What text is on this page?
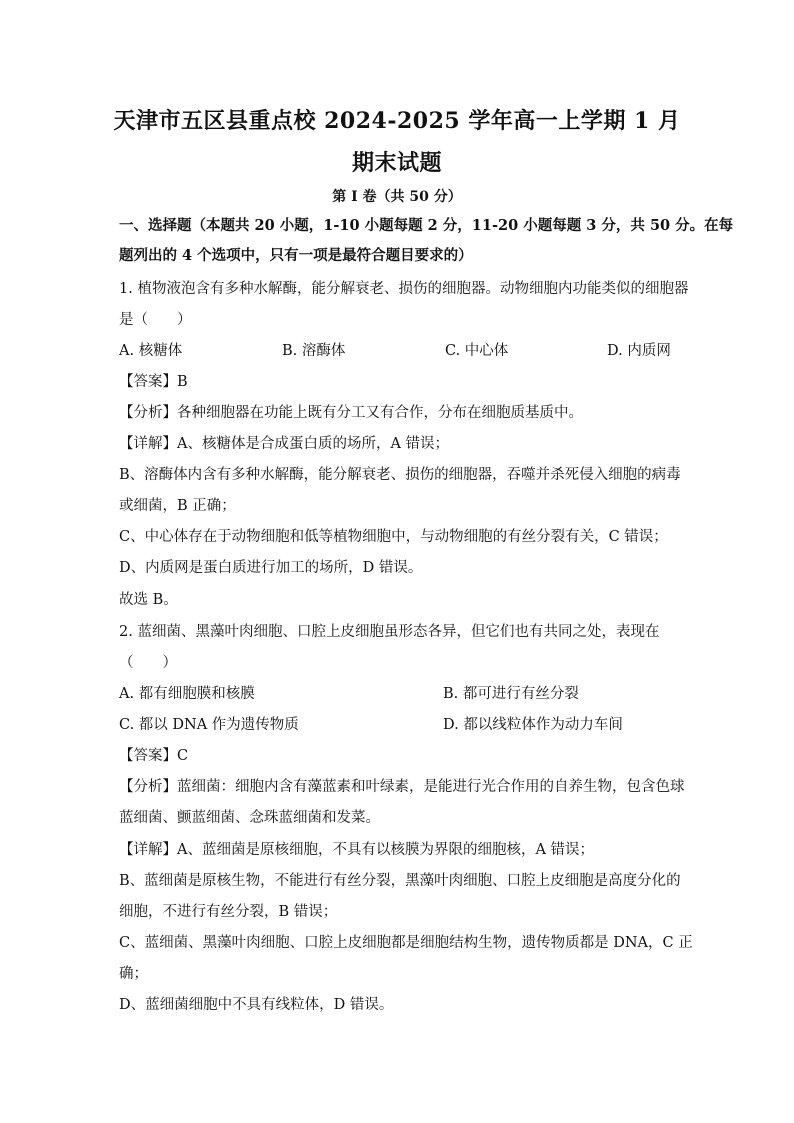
天津市五区县重点校 2024-2025 学年高一上学期 1 月
期末试题
第 I 卷（共 50 分）
一、选择题（本题共 20 小题，1-10 小题每题 2 分，11-20 小题每题 3 分，共 50 分。在每
题列出的 4 个选项中，只有一项是最符合题目要求的）
1. 植物液泡含有多种水解酶，能分解衰老、损伤的细胞器。动物细胞内功能类似的细胞器
是（　　）
A. 核糖体	B. 溶酶体	C. 中心体	D. 内质网
【答案】B
【分析】各种细胞器在功能上既有分工又有合作，分布在细胞质基质中。
【详解】A、核糖体是合成蛋白质的场所，A 错误；
B、溶酶体内含有多种水解酶，能分解衰老、损伤的细胞器，吞噬并杀死侵入细胞的病毒
或细菌，B 正确；
C、中心体存在于动物细胞和低等植物细胞中，与动物细胞的有丝分裂有关，C 错误；
D、内质网是蛋白质进行加工的场所，D 错误。
故选 B。
2. 蓝细菌、黑藻叶肉细胞、口腔上皮细胞虽形态各异，但它们也有共同之处，表现在
（　　）
A. 都有细胞膜和核膜	B. 都可进行有丝分裂
C. 都以 DNA 作为遗传物质	D. 都以线粒体作为动力车间
【答案】C
【分析】蓝细菌：细胞内含有藻蓝素和叶绿素，是能进行光合作用的自养生物，包含色球
蓝细菌、颤蓝细菌、念珠蓝细菌和发菜。
【详解】A、蓝细菌是原核细胞，不具有以核膜为界限的细胞核，A 错误；
B、蓝细菌是原核生物，不能进行有丝分裂，黑藻叶肉细胞、口腔上皮细胞是高度分化的
细胞，不进行有丝分裂，B 错误；
C、蓝细菌、黑藻叶肉细胞、口腔上皮细胞都是细胞结构生物，遗传物质都是 DNA，C 正
确；
D、蓝细菌细胞中不具有线粒体，D 错误。
